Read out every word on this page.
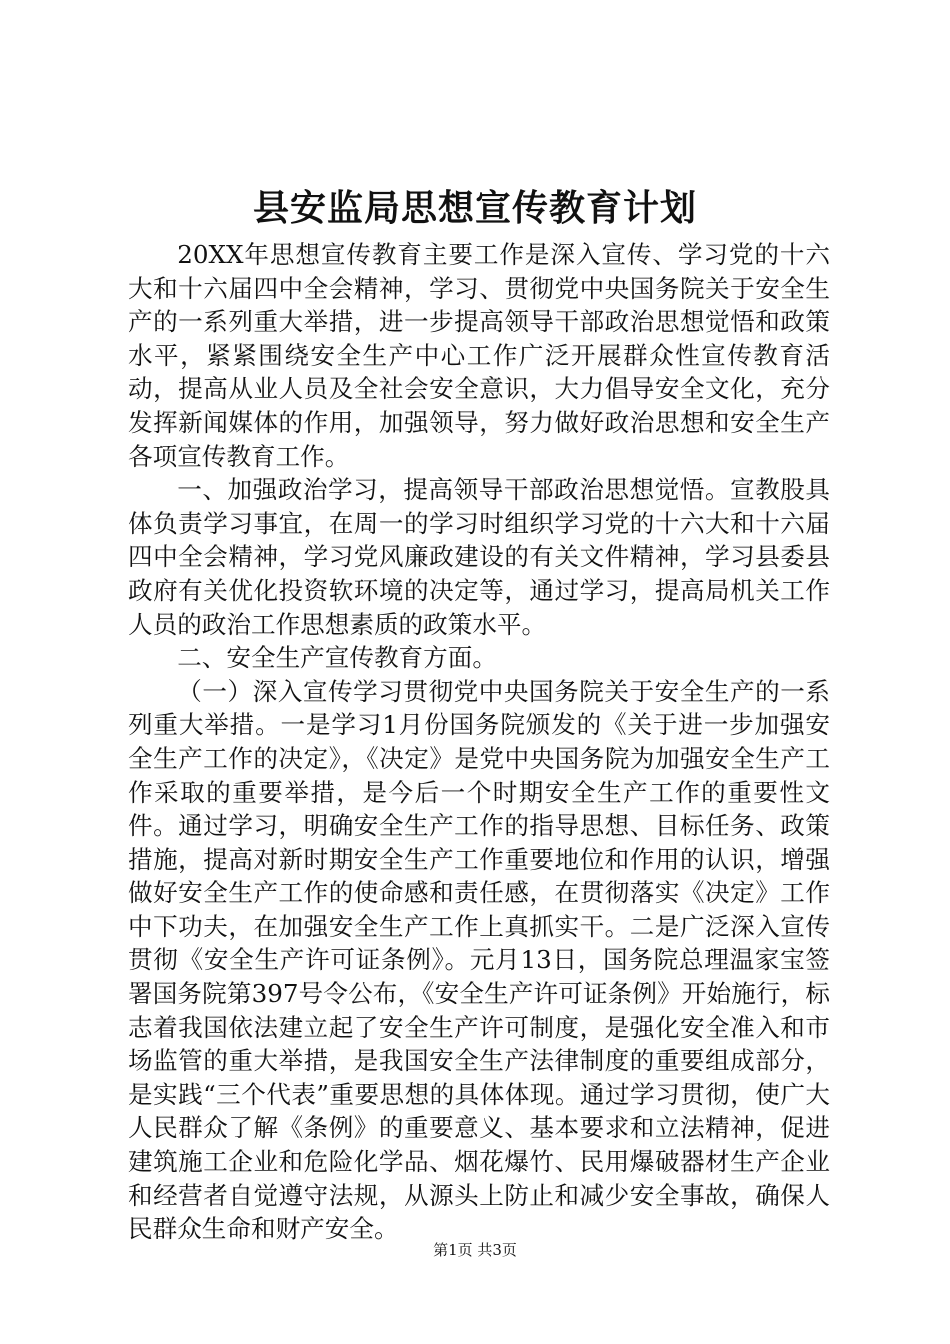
县安监局思想宣传教育计划

20XX年思想宣传教育主要工作是深入宣传、学习党的十六大和十六届四中全会精神，学习、贯彻党中央国务院关于安全生产的一系列重大举措，进一步提高领导干部政治思想觉悟和政策水平，紧紧围绕安全生产中心工作广泛开展群众性宣传教育活动，提高从业人员及全社会安全意识，大力倡导安全文化，充分发挥新闻媒体的作用，加强领导，努力做好政治思想和安全生产各项宣传教育工作。

一、加强政治学习，提高领导干部政治思想觉悟。宣教股具体负责学习事宜，在周一的学习时组织学习党的十六大和十六届四中全会精神，学习党风廉政建设的有关文件精神，学习县委县政府有关优化投资软环境的决定等，通过学习，提高局机关工作人员的政治工作思想素质的政策水平。

二、安全生产宣传教育方面。

（一）深入宣传学习贯彻党中央国务院关于安全生产的一系列重大举措。一是学习1月份国务院颁发的《关于进一步加强安全生产工作的决定》，《决定》是党中央国务院为加强安全生产工作采取的重要举措，是今后一个时期安全生产工作的重要性文件。通过学习，明确安全生产工作的指导思想、目标任务、政策措施，提高对新时期安全生产工作重要地位和作用的认识，增强做好安全生产工作的使命感和责任感，在贯彻落实《决定》工作中下功夫，在加强安全生产工作上真抓实干。二是广泛深入宣传贯彻《安全生产许可证条例》。元月13日，国务院总理温家宝签署国务院第397号令公布，《安全生产许可证条例》开始施行，标志着我国依法建立起了安全生产许可制度，是强化安全准入和市场监管的重大举措，是我国安全生产法律制度的重要组成部分，是实践“三个代表”重要思想的具体体现。通过学习贯彻，使广大人民群众了解《条例》的重要意义、基本要求和立法精神，促进建筑施工企业和危险化学品、烟花爆竹、民用爆破器材生产企业和经营者自觉遵守法规，从源头上防止和减少安全事故，确保人民群众生命和财产安全。

第1页 共3页
